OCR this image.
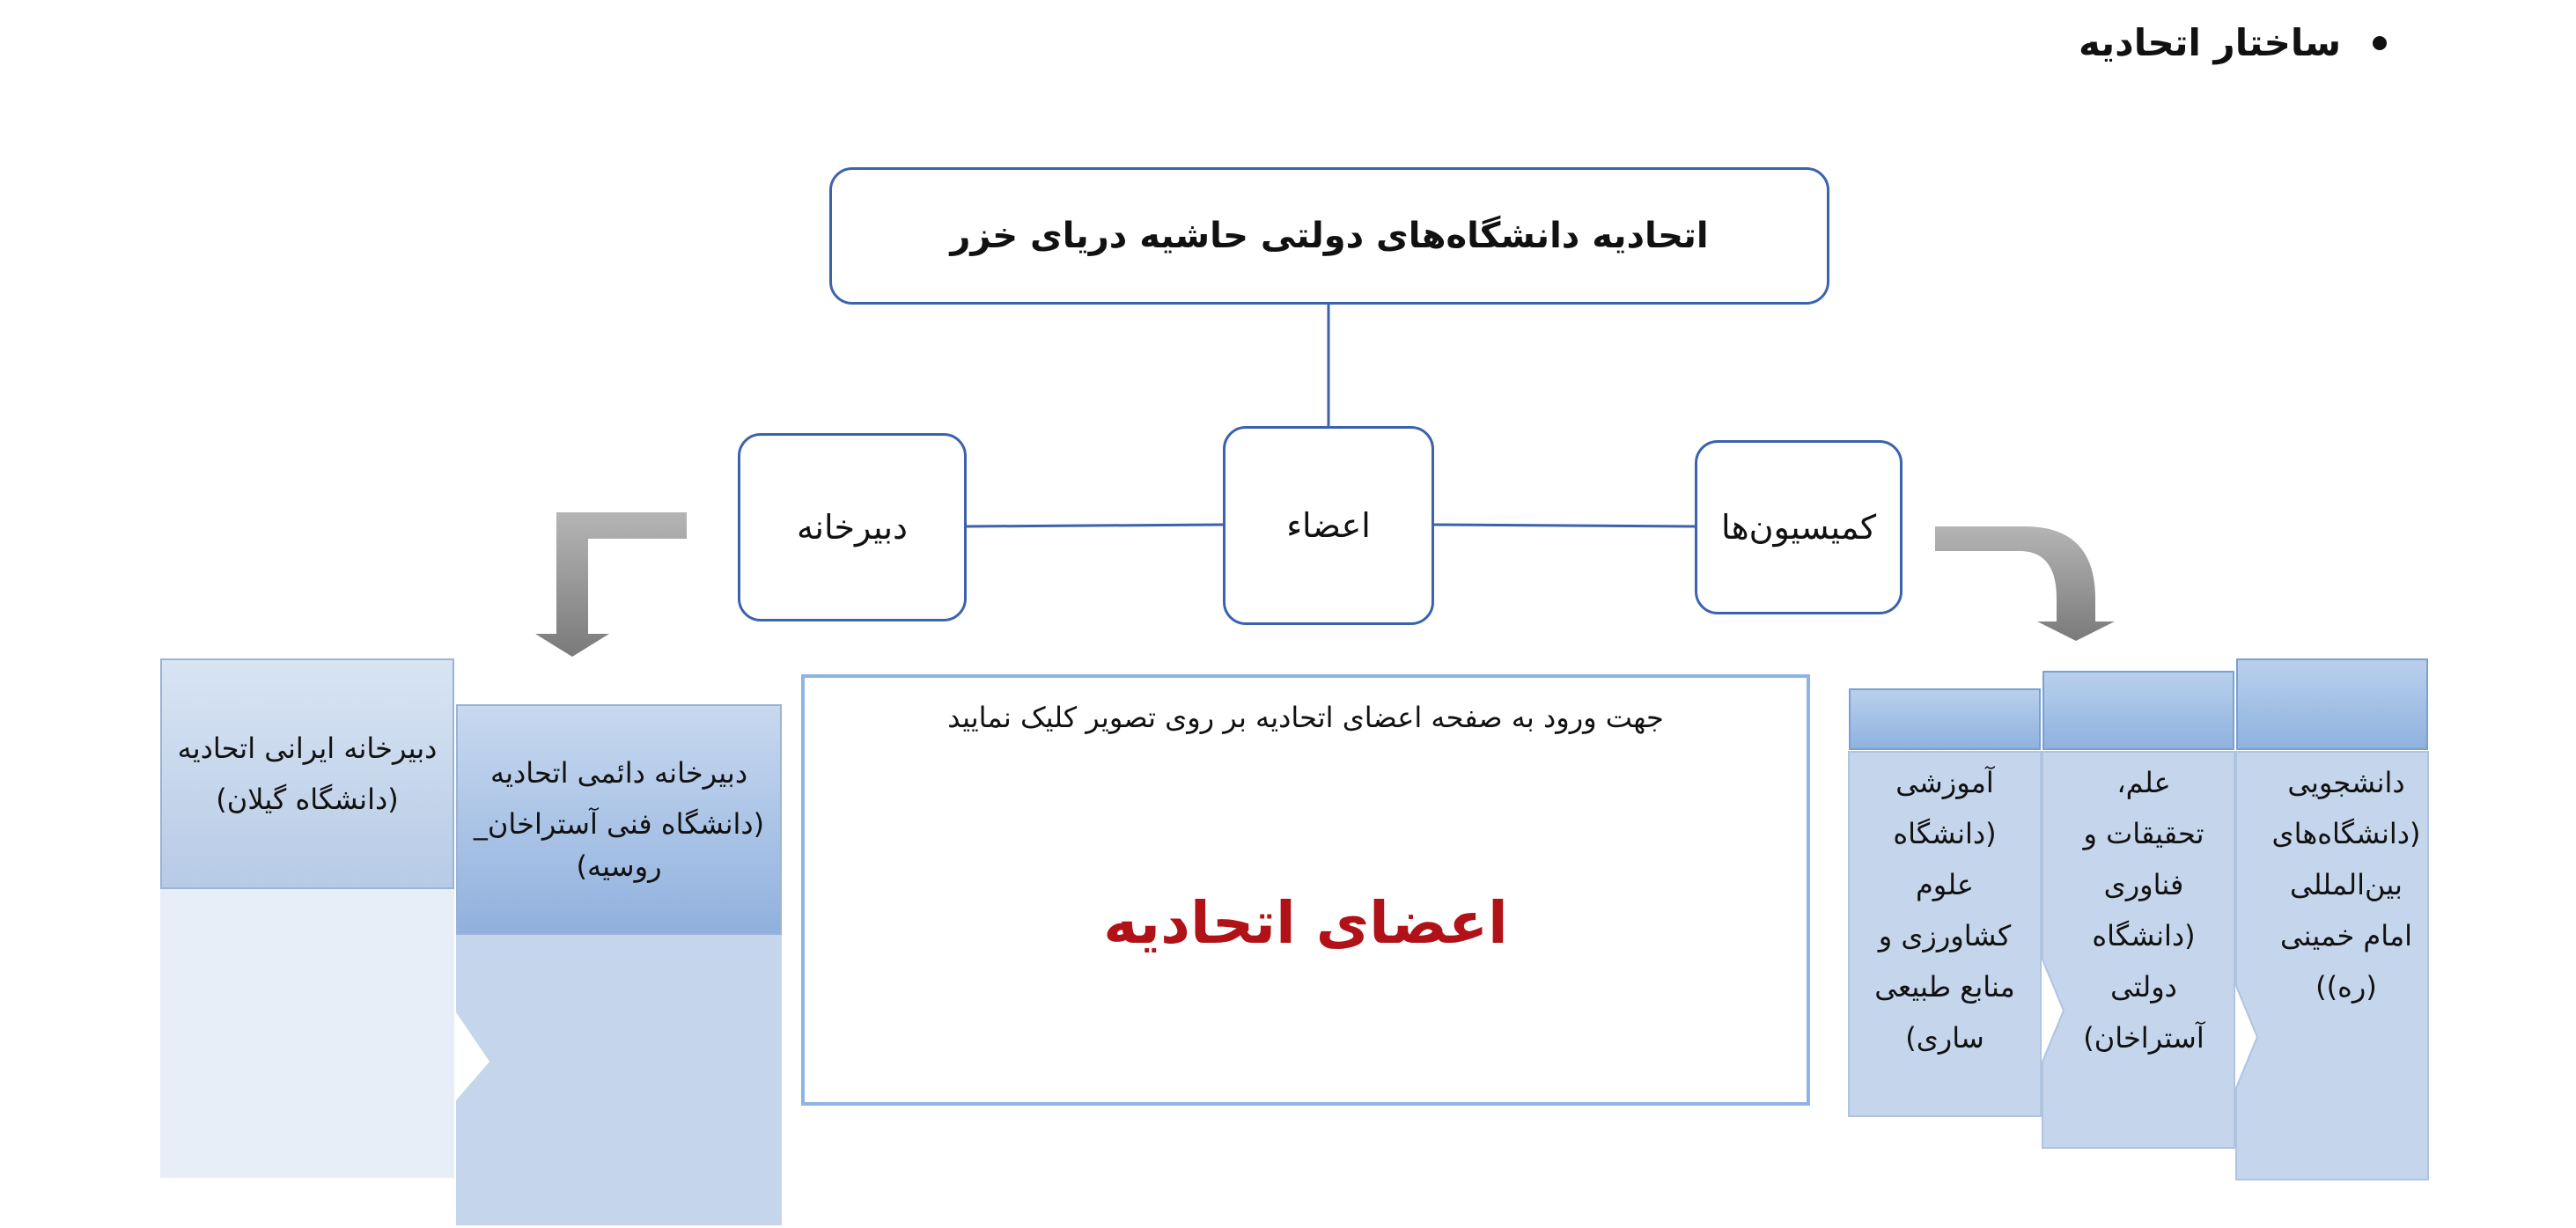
ساختار اتحادیه
اتحادیه دانشگاه‌های دولتی حاشیه دریای خزر
دبیرخانه	اعضاء	کمیسیون‌ها
جهت ورود به صفحه اعضای اتحادیه بر روی تصویر کلیک نمایید
اعضای اتحادیه
دانشجویی
(دانشگاه‌های
بین‌المللی
امام خمینی
(ره))
علم،
تحقیقات و
فناوری
(دانشگاه
دولتی
آستراخان)
آموزشی
(دانشگاه
علوم
کشاورزی و
منابع طبیعی
ساری)
دبیرخانه ایرانی اتحادیه
(دانشگاه گیلان)
دبیرخانه دائمی اتحادیه
(دانشگاه فنی آستراخان_
روسیه)
